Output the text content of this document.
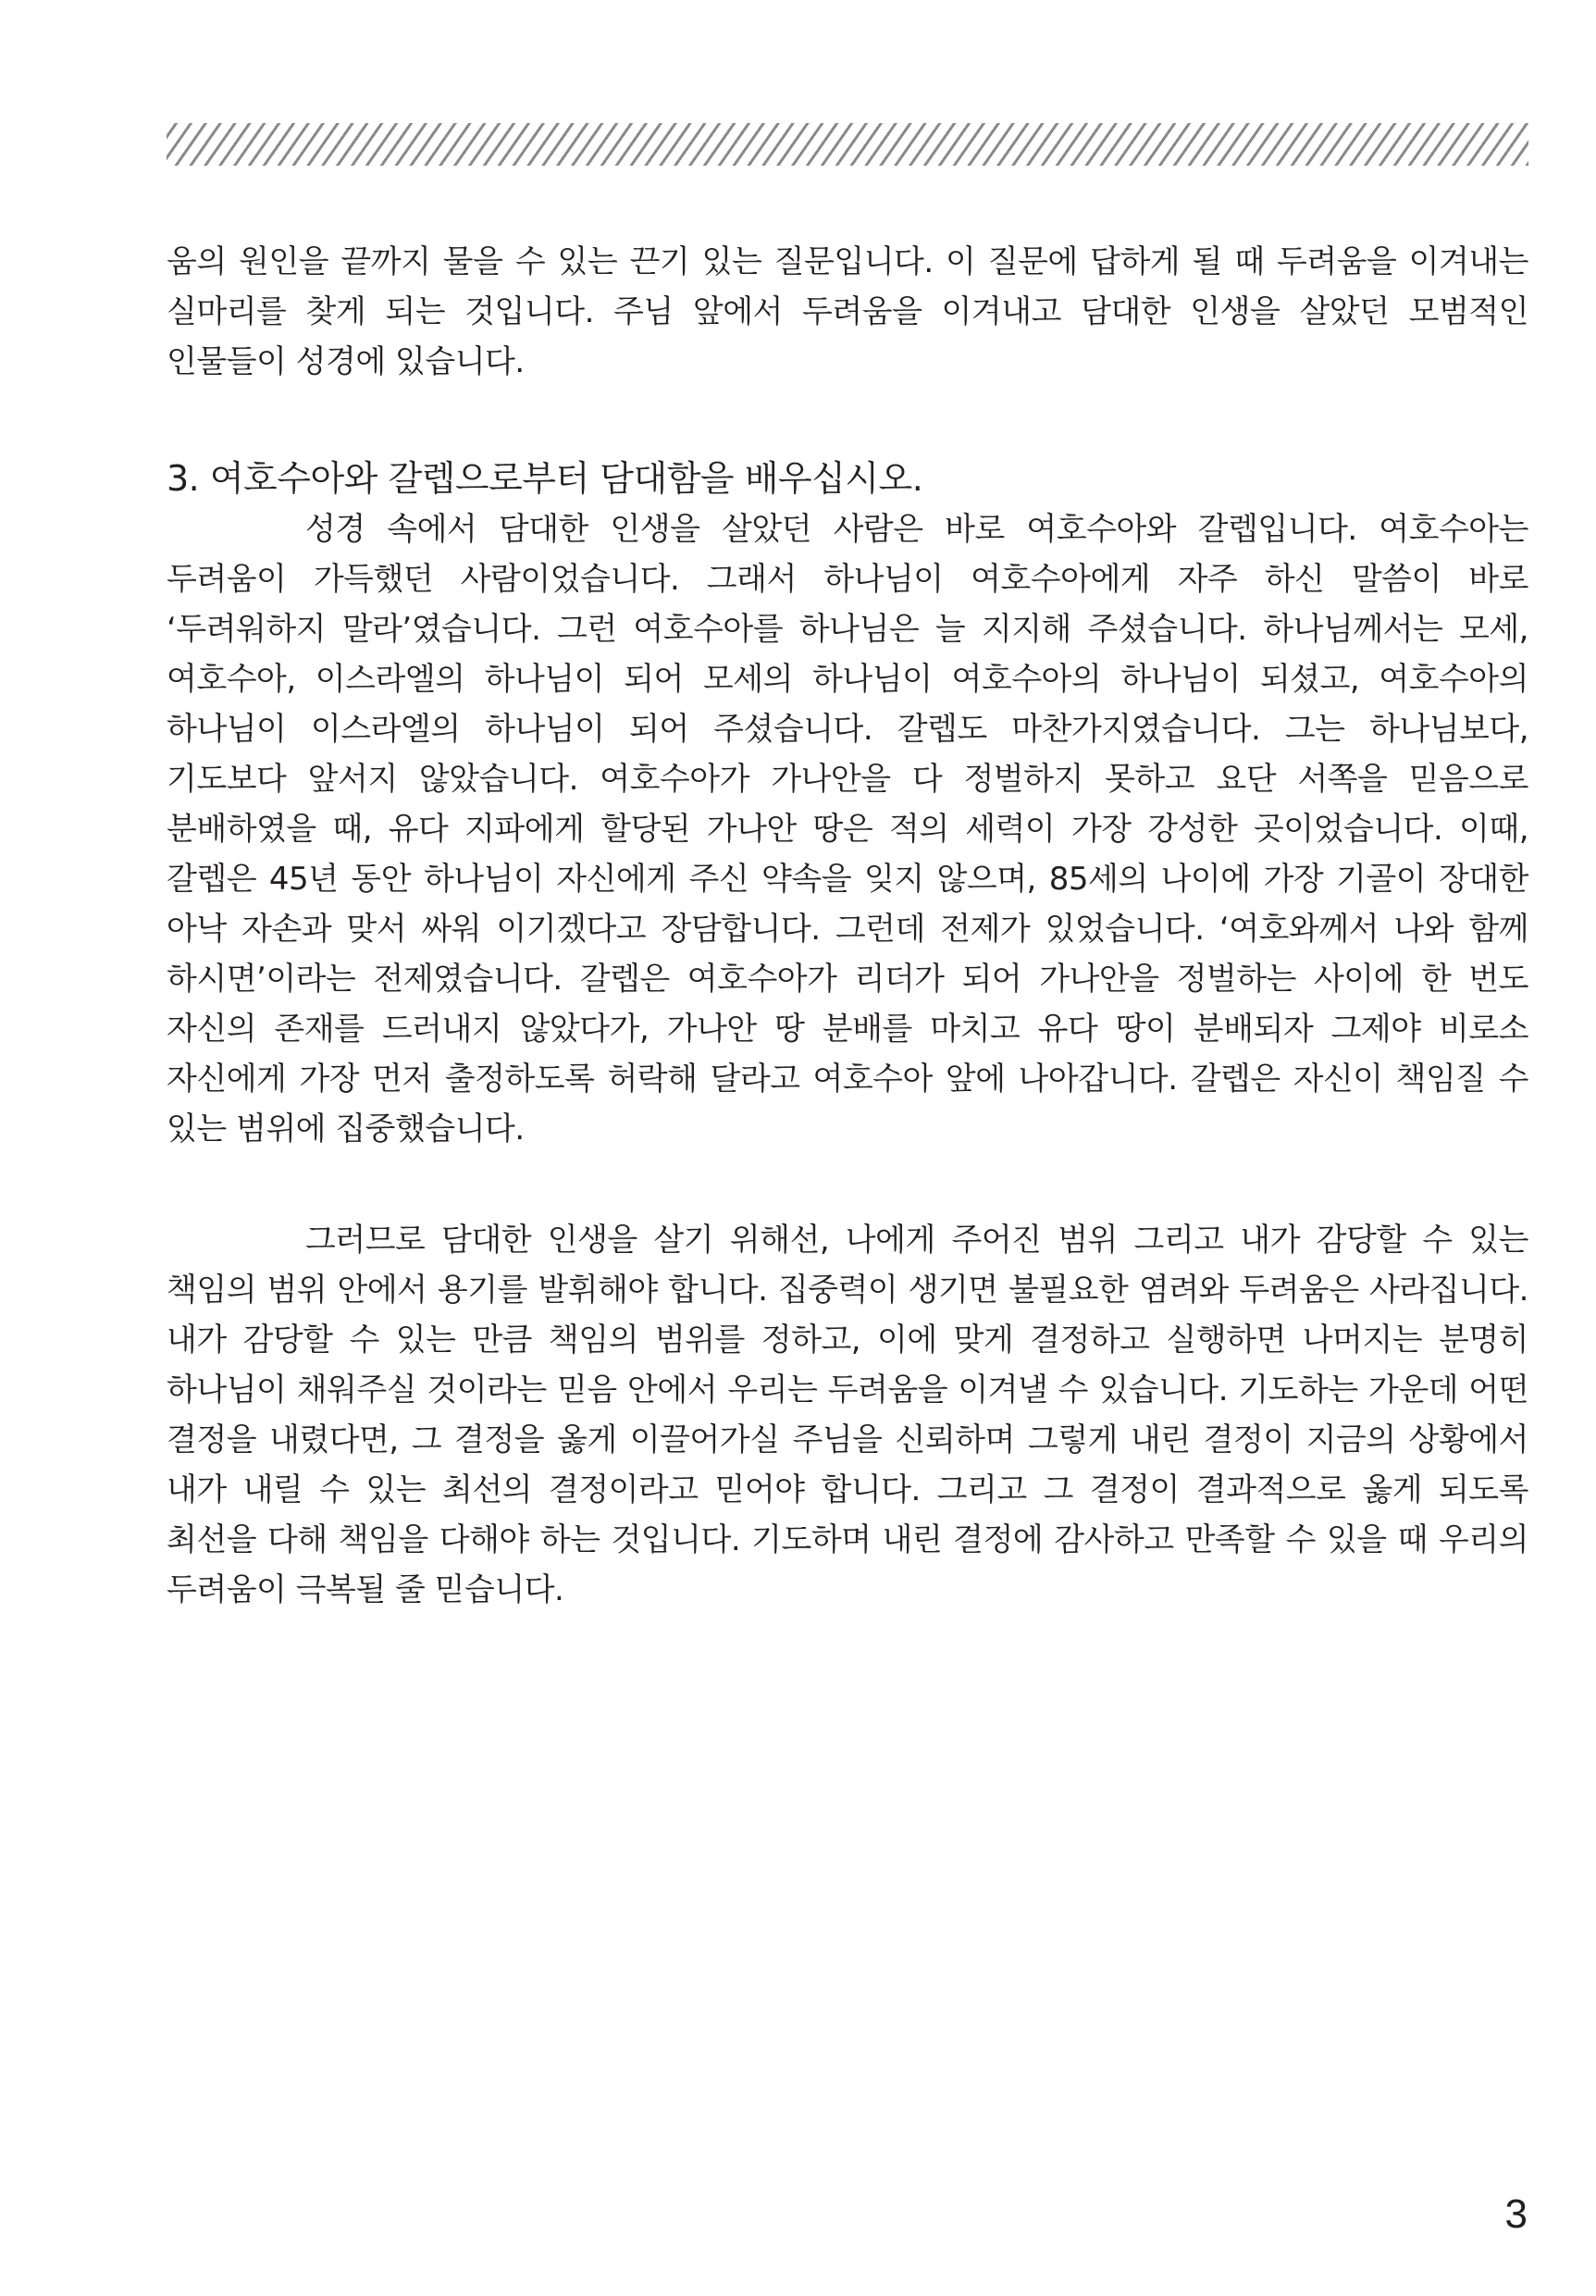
움의 원인을 끝까지 물을 수 있는 끈기 있는 질문입니다. 이 질문에 답하게 될 때 두려움을 이겨내는 실마리를 찾게 되는 것입니다. 주님 앞에서 두려움을 이겨내고 담대한 인생을 살았던 모범적인 인물들이 성경에 있습니다.

3. 여호수아와 갈렙으로부터 담대함을 배우십시오.

성경 속에서 담대한 인생을 살았던 사람은 바로 여호수아와 갈렙입니다. 여호수아는 두려움이 가득했던 사람이었습니다. 그래서 하나님이 여호수아에게 자주 하신 말씀이 바로 ‘두려워하지 말라’였습니다. 그런 여호수아를 하나님은 늘 지지해 주셨습니다. 하나님께서는 모세, 여호수아, 이스라엘의 하나님이 되어 모세의 하나님이 여호수아의 하나님이 되셨고, 여호수아의 하나님이 이스라엘의 하나님이 되어 주셨습니다. 갈렙도 마찬가지였습니다. 그는 하나님보다, 기도보다 앞서지 않았습니다. 여호수아가 가나안을 다 정벌하지 못하고 요단 서쪽을 믿음으로 분배하였을 때, 유다 지파에게 할당된 가나안 땅은 적의 세력이 가장 강성한 곳이었습니다. 이때, 갈렙은 45년 동안 하나님이 자신에게 주신 약속을 잊지 않으며, 85세의 나이에 가장 기골이 장대한 아낙 자손과 맞서 싸워 이기겠다고 장담합니다. 그런데 전제가 있었습니다. ‘여호와께서 나와 함께 하시면’이라는 전제였습니다. 갈렙은 여호수아가 리더가 되어 가나안을 정벌하는 사이에 한 번도 자신의 존재를 드러내지 않았다가, 가나안 땅 분배를 마치고 유다 땅이 분배되자 그제야 비로소 자신에게 가장 먼저 출정하도록 허락해 달라고 여호수아 앞에 나아갑니다. 갈렙은 자신이 책임질 수 있는 범위에 집중했습니다.

그러므로 담대한 인생을 살기 위해선, 나에게 주어진 범위 그리고 내가 감당할 수 있는 책임의 범위 안에서 용기를 발휘해야 합니다. 집중력이 생기면 불필요한 염려와 두려움은 사라집니다. 내가 감당할 수 있는 만큼 책임의 범위를 정하고, 이에 맞게 결정하고 실행하면 나머지는 분명히 하나님이 채워주실 것이라는 믿음 안에서 우리는 두려움을 이겨낼 수 있습니다. 기도하는 가운데 어떤 결정을 내렸다면, 그 결정을 옳게 이끌어가실 주님을 신뢰하며 그렇게 내린 결정이 지금의 상황에서 내가 내릴 수 있는 최선의 결정이라고 믿어야 합니다. 그리고 그 결정이 결과적으로 옳게 되도록 최선을 다해 책임을 다해야 하는 것입니다. 기도하며 내린 결정에 감사하고 만족할 수 있을 때 우리의 두려움이 극복될 줄 믿습니다.

3
